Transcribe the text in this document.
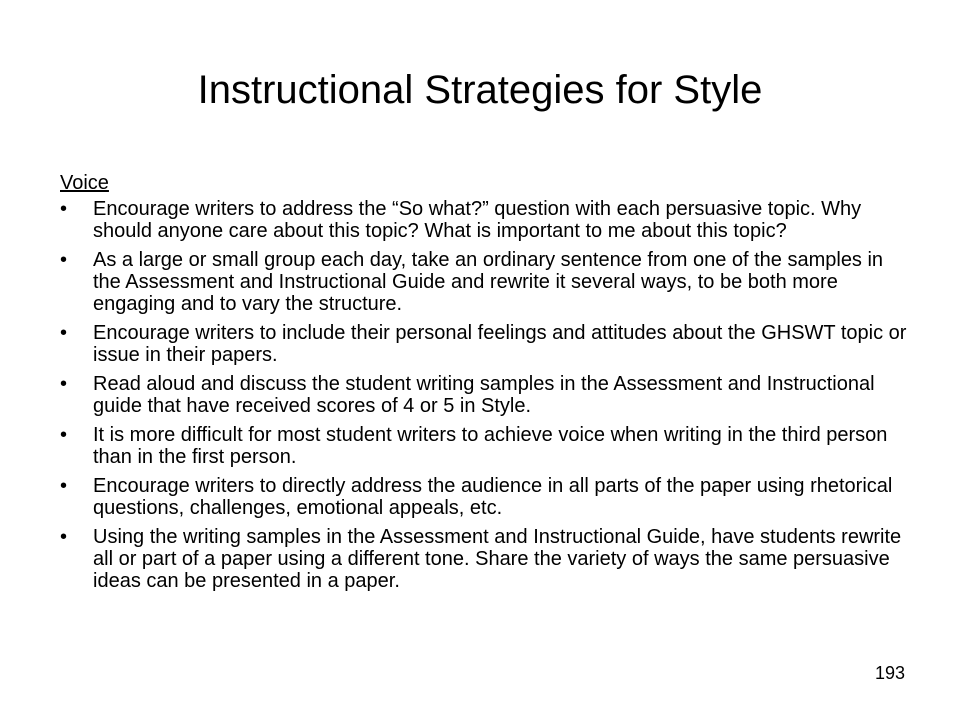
Instructional Strategies for Style
Voice
• Encourage writers to address the “So what?” question with each persuasive topic. Why should anyone care about this topic? What is important to me about this topic?
• As a large or small group each day, take an ordinary sentence from one of the samples in the Assessment and Instructional Guide and rewrite it several ways, to be both more engaging and to vary the structure.
• Encourage writers to include their personal feelings and attitudes about the GHSWT topic or issue in their papers.
• Read aloud and discuss the student writing samples in the Assessment and Instructional guide that have received scores of 4 or 5 in Style.
• It is more difficult for most student writers to achieve voice when writing in the third person than in the first person.
• Encourage writers to directly address the audience in all parts of the paper using rhetorical questions, challenges, emotional appeals, etc.
• Using the writing samples in the Assessment and Instructional Guide, have students rewrite all or part of a paper using a different tone. Share the variety of ways the same persuasive ideas can be presented in a paper.
193
